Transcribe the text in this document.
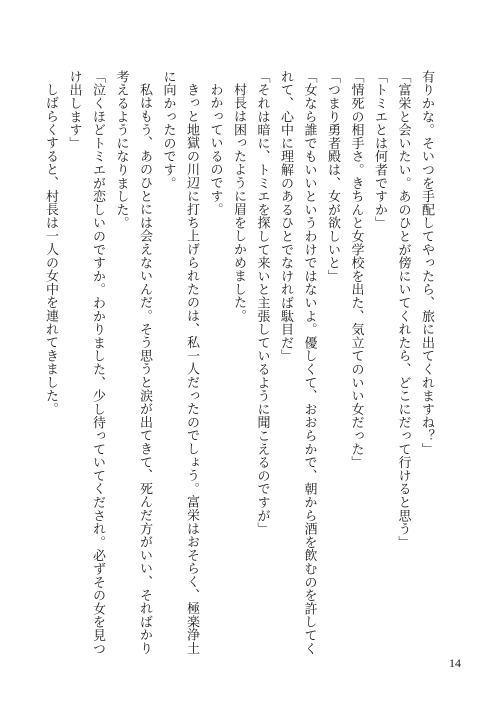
有りかな。そいつを手配してやったら、旅に出てくれますね？」

「富栄と会いたい。あのひとが傍にいてくれたら、どこにだって行けると思う」

「トミエとは何者ですか」

「情死の相手さ。きちんと女学校を出た、気立てのいい女だった」

「つまり勇者殿は、女が欲しいと」

「女なら誰でもいいというわけではないよ。優しくて、おおらかで、朝から酒を飲むのを許してく

れて、心中に理解のあるひとでなければ駄目だ」

「それは暗に、トミエを探して来いと主張しているように聞こえるのですが」

村長は困ったように眉をしかめました。

わかっているのです。

きっと地獄の川辺に打ち上げられたのは、私一人だったのでしょう。富栄はおそらく、極楽浄土

に向かったのです。

私はもう、あのひとには会えないんだ。そう思うと涙が出てきて、死んだ方がいい、そればかり

考えるようになりました。

「泣くほどトミエが恋しいのですか。わかりました、少し待っていてくだされ。必ずその女を見つ

け出します」

しばらくすると、村長は一人の女中を連れてきました。

14
